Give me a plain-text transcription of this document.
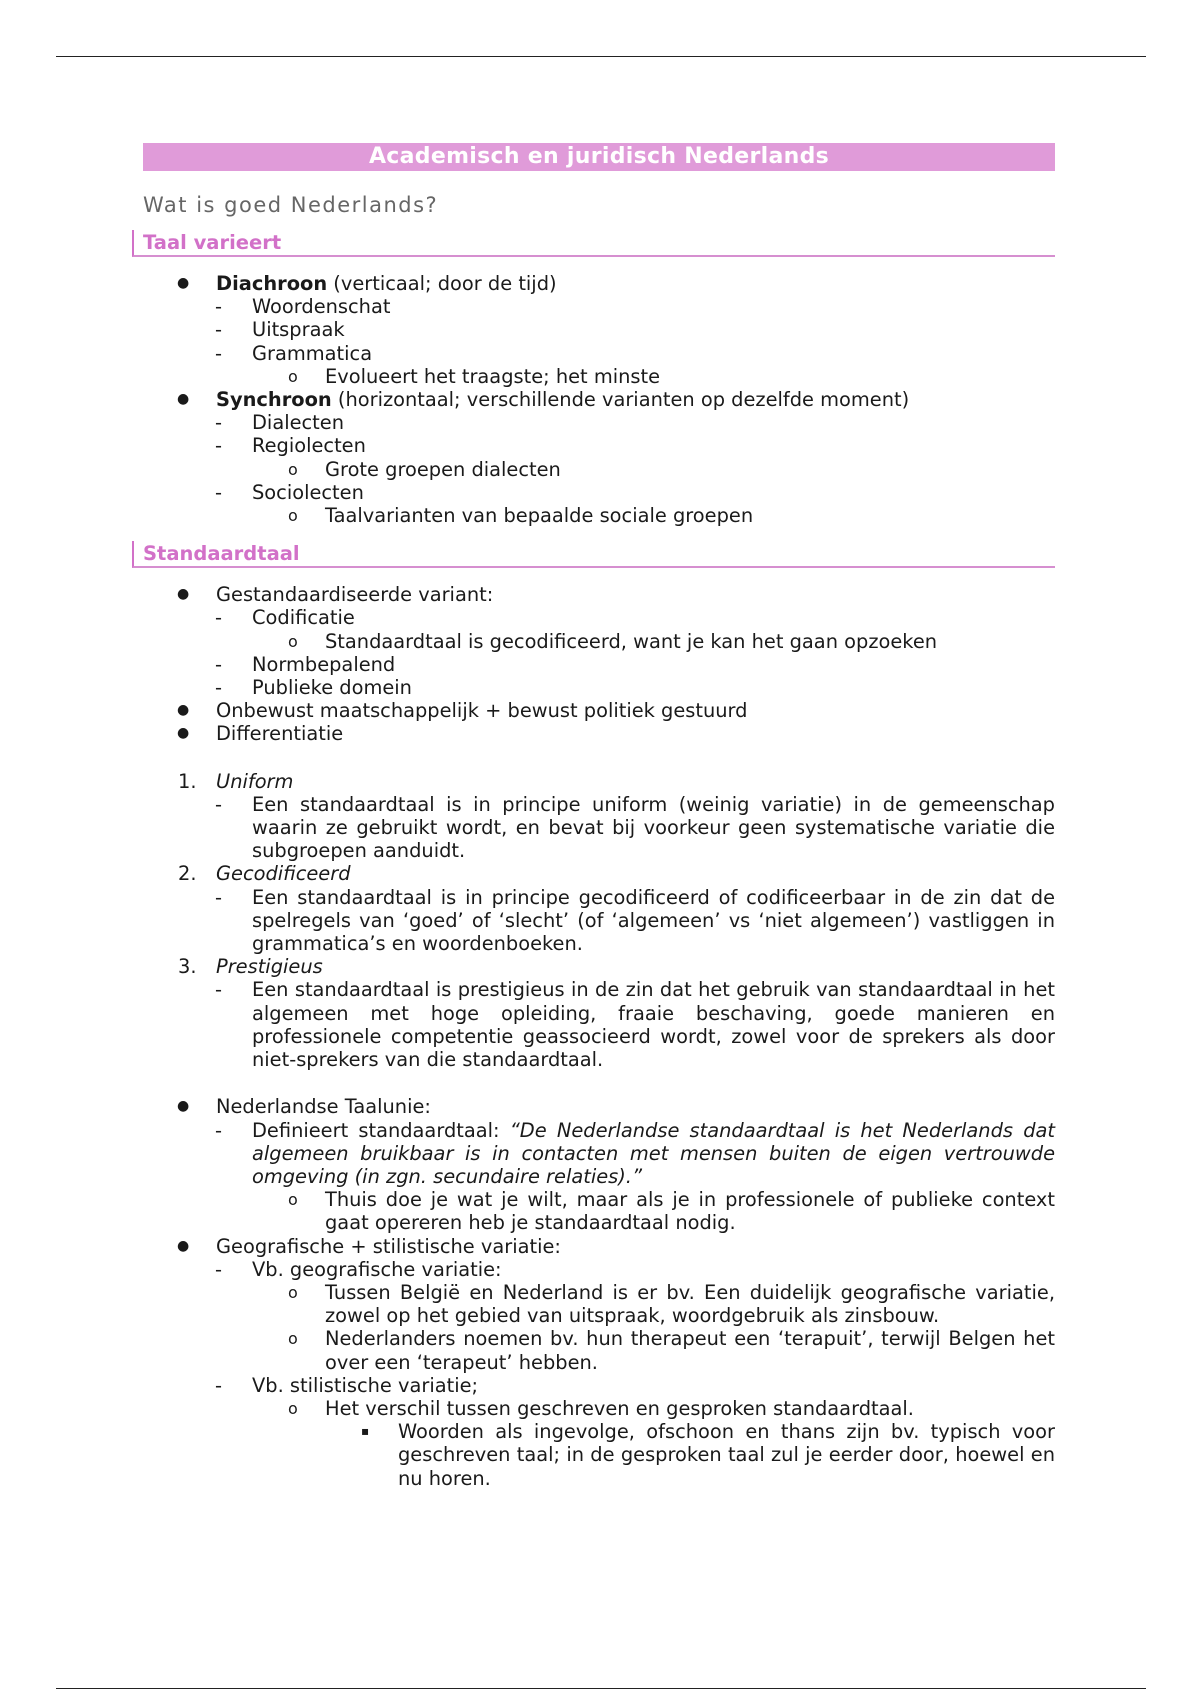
Academisch en juridisch Nederlands
Wat is goed Nederlands?
Taal varieert
●	Diachroon (verticaal; door de tijd)
-	Woordenschat
-	Uitspraak
-	Grammatica
o	Evolueert het traagste; het minste
●	Synchroon (horizontaal; verschillende varianten op dezelfde moment)
-	Dialecten
-	Regiolecten
o	Grote groepen dialecten
-	Sociolecten
o	Taalvarianten van bepaalde sociale groepen
Standaardtaal
●	Gestandaardiseerde variant:
-	Codificatie
o	Standaardtaal is gecodificeerd, want je kan het gaan opzoeken
-	Normbepalend
-	Publieke domein
●	Onbewust maatschappelijk + bewust politiek gestuurd
●	Differentiatie
1.	Uniform
-	Een standaardtaal is in principe uniform (weinig variatie) in de gemeenschap waarin ze gebruikt wordt, en bevat bij voorkeur geen systematische variatie die subgroepen aanduidt.
2.	Gecodificeerd
-	Een standaardtaal is in principe gecodificeerd of codificeerbaar in de zin dat de spelregels van ‘goed’ of ‘slecht’ (of ‘algemeen’ vs ‘niet algemeen’) vastliggen in grammatica’s en woordenboeken.
3.	Prestigieus
-	Een standaardtaal is prestigieus in de zin dat het gebruik van standaardtaal in het algemeen met hoge opleiding, fraaie beschaving, goede manieren en professionele competentie geassocieerd wordt, zowel voor de sprekers als door niet-sprekers van die standaardtaal.
●	Nederlandse Taalunie:
-	Definieert standaardtaal: “De Nederlandse standaardtaal is het Nederlands dat algemeen bruikbaar is in contacten met mensen buiten de eigen vertrouwde omgeving (in zgn. secundaire relaties).”
o	Thuis doe je wat je wilt, maar als je in professionele of publieke context gaat opereren heb je standaardtaal nodig.
●	Geografische + stilistische variatie:
-	Vb. geografische variatie:
o	Tussen België en Nederland is er bv. Een duidelijk geografische variatie, zowel op het gebied van uitspraak, woordgebruik als zinsbouw.
o	Nederlanders noemen bv. hun therapeut een ‘terapuit’, terwijl Belgen het over een ‘terapeut’ hebben.
-	Vb. stilistische variatie;
o	Het verschil tussen geschreven en gesproken standaardtaal.
▪	Woorden als ingevolge, ofschoon en thans zijn bv. typisch voor geschreven taal; in de gesproken taal zul je eerder door, hoewel en nu horen.
